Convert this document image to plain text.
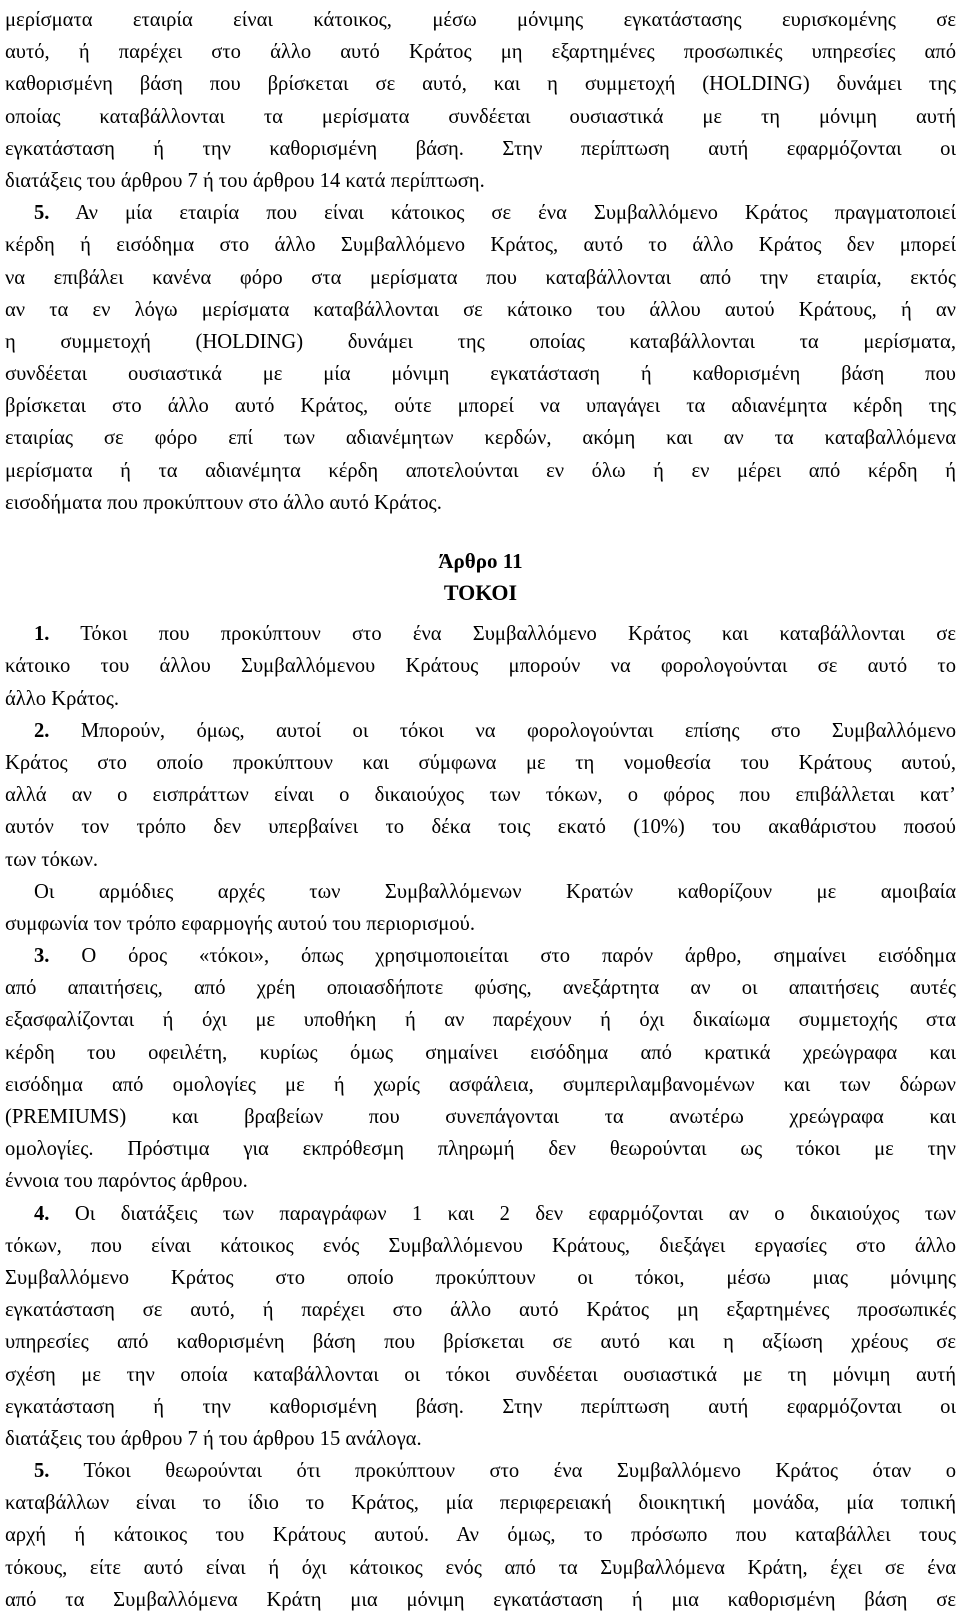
μερίσματα εταιρία είναι κάτοικος, μέσω μόνιμης εγκατάστασης ευρισκομένης σε
αυτό, ή παρέχει στο άλλο αυτό Κράτος μη εξαρτημένες προσωπικές υπηρεσίες από
καθορισμένη βάση που βρίσκεται σε αυτό, και η συμμετοχή (HOLDING) δυνάμει της
οποίας καταβάλλονται τα μερίσματα συνδέεται ουσιαστικά με τη μόνιμη αυτή
εγκατάσταση ή την καθορισμένη βάση. Στην περίπτωση αυτή εφαρμόζονται οι
διατάξεις του άρθρου 7 ή του άρθρου 14 κατά περίπτωση.
5. Αν μία εταιρία που είναι κάτοικος σε ένα Συμβαλλόμενο Κράτος πραγματοποιεί
κέρδη ή εισόδημα στο άλλο Συμβαλλόμενο Κράτος, αυτό το άλλο Κράτος δεν μπορεί
να επιβάλει κανένα φόρο στα μερίσματα που καταβάλλονται από την εταιρία, εκτός
αν τα εν λόγω μερίσματα καταβάλλονται σε κάτοικο του άλλου αυτού Κράτους, ή αν
η συμμετοχή (HOLDING) δυνάμει της οποίας καταβάλλονται τα μερίσματα,
συνδέεται ουσιαστικά με μία μόνιμη εγκατάσταση ή καθορισμένη βάση που
βρίσκεται στο άλλο αυτό Κράτος, ούτε μπορεί να υπαγάγει τα αδιανέμητα κέρδη της
εταιρίας σε φόρο επί των αδιανέμητων κερδών, ακόμη και αν τα καταβαλλόμενα
μερίσματα ή τα αδιανέμητα κέρδη αποτελούνται εν όλω ή εν μέρει από κέρδη ή
εισοδήματα που προκύπτουν στο άλλο αυτό Κράτος.
Άρθρο 11
ΤΟΚΟΙ
1. Τόκοι που προκύπτουν στο ένα Συμβαλλόμενο Κράτος και καταβάλλονται σε
κάτοικο του άλλου Συμβαλλόμενου Κράτους μπορούν να φορολογούνται σε αυτό το
άλλο Κράτος.
2. Μπορούν, όμως, αυτοί οι τόκοι να φορολογούνται επίσης στο Συμβαλλόμενο
Κράτος στο οποίο προκύπτουν και σύμφωνα με τη νομοθεσία του Κράτους αυτού,
αλλά αν ο εισπράττων είναι ο δικαιούχος των τόκων, ο φόρος που επιβάλλεται κατ’
αυτόν τον τρόπο δεν υπερβαίνει το δέκα τοις εκατό (10%) του ακαθάριστου ποσού
των τόκων.
Οι αρμόδιες αρχές των Συμβαλλόμενων Κρατών καθορίζουν με αμοιβαία
συμφωνία τον τρόπο εφαρμογής αυτού του περιορισμού.
3. Ο όρος «τόκοι», όπως χρησιμοποιείται στο παρόν άρθρο, σημαίνει εισόδημα
από απαιτήσεις, από χρέη οποιασδήποτε φύσης, ανεξάρτητα αν οι απαιτήσεις αυτές
εξασφαλίζονται ή όχι με υποθήκη ή αν παρέχουν ή όχι δικαίωμα συμμετοχής στα
κέρδη του οφειλέτη, κυρίως όμως σημαίνει εισόδημα από κρατικά χρεώγραφα και
εισόδημα από ομολογίες με ή χωρίς ασφάλεια, συμπεριλαμβανομένων και των δώρων
(PREMIUMS) και βραβείων που συνεπάγονται τα ανωτέρω χρεώγραφα και
ομολογίες. Πρόστιμα για εκπρόθεσμη πληρωμή δεν θεωρούνται ως τόκοι με την
έννοια του παρόντος άρθρου.
4. Οι διατάξεις των παραγράφων 1 και 2 δεν εφαρμόζονται αν ο δικαιούχος των
τόκων, που είναι κάτοικος ενός Συμβαλλόμενου Κράτους, διεξάγει εργασίες στο άλλο
Συμβαλλόμενο Κράτος στο οποίο προκύπτουν οι τόκοι, μέσω μιας μόνιμης
εγκατάσταση σε αυτό, ή παρέχει στο άλλο αυτό Κράτος μη εξαρτημένες προσωπικές
υπηρεσίες από καθορισμένη βάση που βρίσκεται σε αυτό και η αξίωση χρέους σε
σχέση με την οποία καταβάλλονται οι τόκοι συνδέεται ουσιαστικά με τη μόνιμη αυτή
εγκατάσταση ή την καθορισμένη βάση. Στην περίπτωση αυτή εφαρμόζονται οι
διατάξεις του άρθρου 7 ή του άρθρου 15 ανάλογα.
5. Τόκοι θεωρούνται ότι προκύπτουν στο ένα Συμβαλλόμενο Κράτος όταν ο
καταβάλλων είναι το ίδιο το Κράτος, μία περιφερειακή διοικητική μονάδα, μία τοπική
αρχή ή κάτοικος του Κράτους αυτού. Αν όμως, το πρόσωπο που καταβάλλει τους
τόκους, είτε αυτό είναι ή όχι κάτοικος ενός από τα Συμβαλλόμενα Κράτη, έχει σε ένα
από τα Συμβαλλόμενα Κράτη μια μόνιμη εγκατάσταση ή μια καθορισμένη βάση σε
